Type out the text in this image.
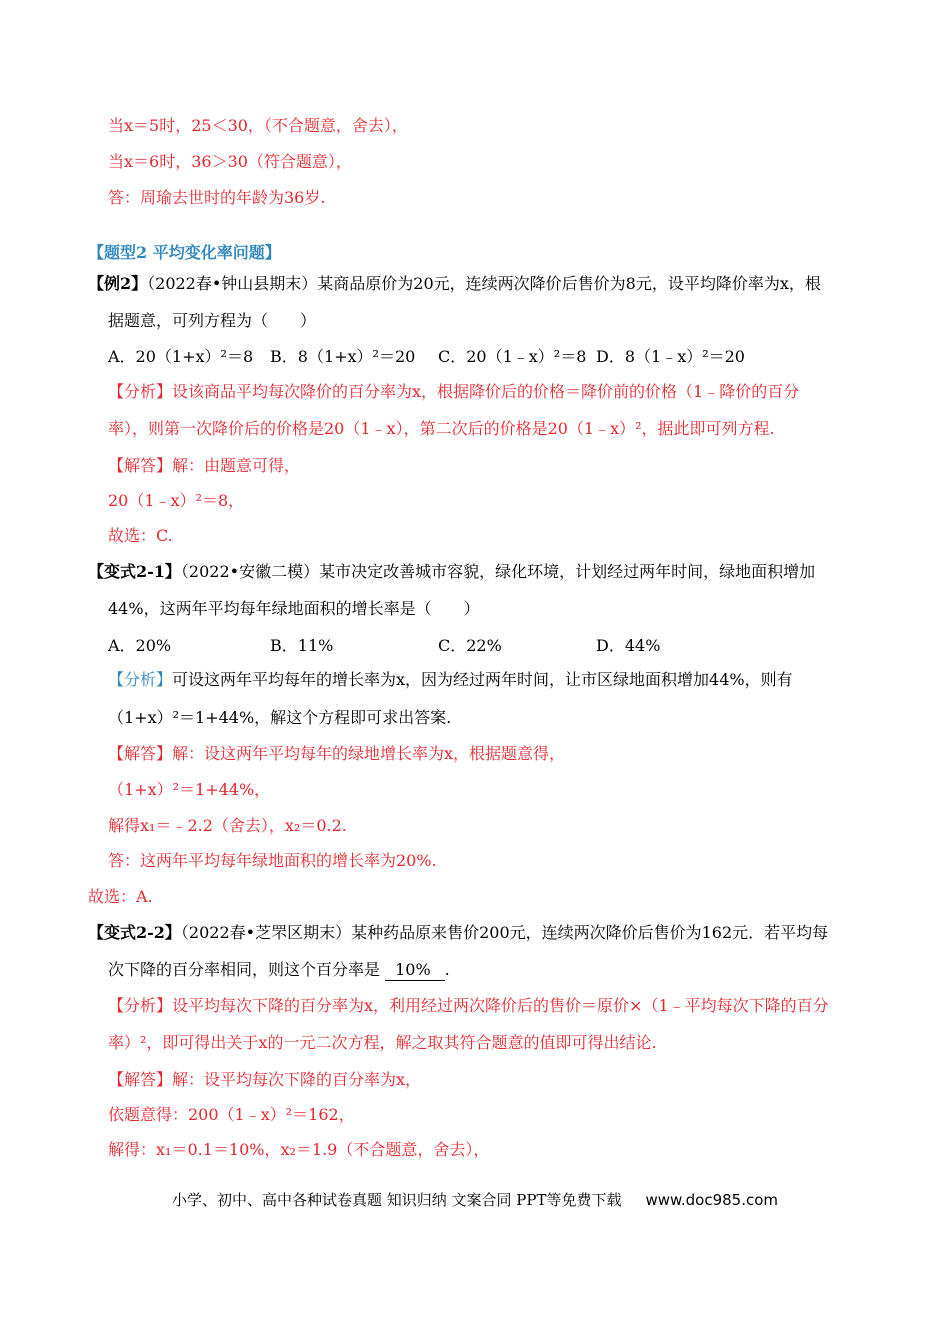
当x＝5时，25＜30，（不合题意，舍去），
当x＝6时，36＞30（符合题意），
答：周瑜去世时的年龄为36岁.
【题型2 平均变化率问题】
【例2】（2022春•钟山县期末）某商品原价为20元，连续两次降价后售价为8元，设平均降价率为x，根
据题意，可列方程为（　　）
A．20（1+x）²＝8 B．8（1+x）²＝20 C．20（1﹣x）²＝8 D．8（1﹣x）²＝20
【分析】设该商品平均每次降价的百分率为x，根据降价后的价格＝降价前的价格（1﹣降价的百分
率），则第一次降价后的价格是20（1﹣x），第二次后的价格是20（1﹣x）²，据此即可列方程.
【解答】解：由题意可得，
20（1﹣x）²＝8，
故选：C.
【变式2-1】（2022•安徽二模）某市决定改善城市容貌，绿化环境，计划经过两年时间，绿地面积增加
44%，这两年平均每年绿地面积的增长率是（　　）
A．20%	B．11%	C．22%	D．44%
【分析】可设这两年平均每年的增长率为x，因为经过两年时间，让市区绿地面积增加44%，则有
（1+x）²＝1+44%，解这个方程即可求出答案.
【解答】解：设这两年平均每年的绿地增长率为x，根据题意得，
（1+x）²＝1+44%，
解得x₁＝﹣2.2（舍去），x₂＝0.2.
答：这两年平均每年绿地面积的增长率为20%.
故选：A.
【变式2-2】（2022春•芝罘区期末）某种药品原来售价200元，连续两次降价后售价为162元．若平均每
次下降的百分率相同，则这个百分率是 10% .
【分析】设平均每次下降的百分率为x，利用经过两次降价后的售价＝原价×（1﹣平均每次下降的百分
率）²，即可得出关于x的一元二次方程，解之取其符合题意的值即可得出结论.
【解答】解：设平均每次下降的百分率为x，
依题意得：200（1﹣x）²＝162，
解得：x₁＝0.1＝10%，x₂＝1.9（不合题意，舍去），
小学、初中、高中各种试卷真题 知识归纳 文案合同 PPT等免费下载 www.doc985.com
